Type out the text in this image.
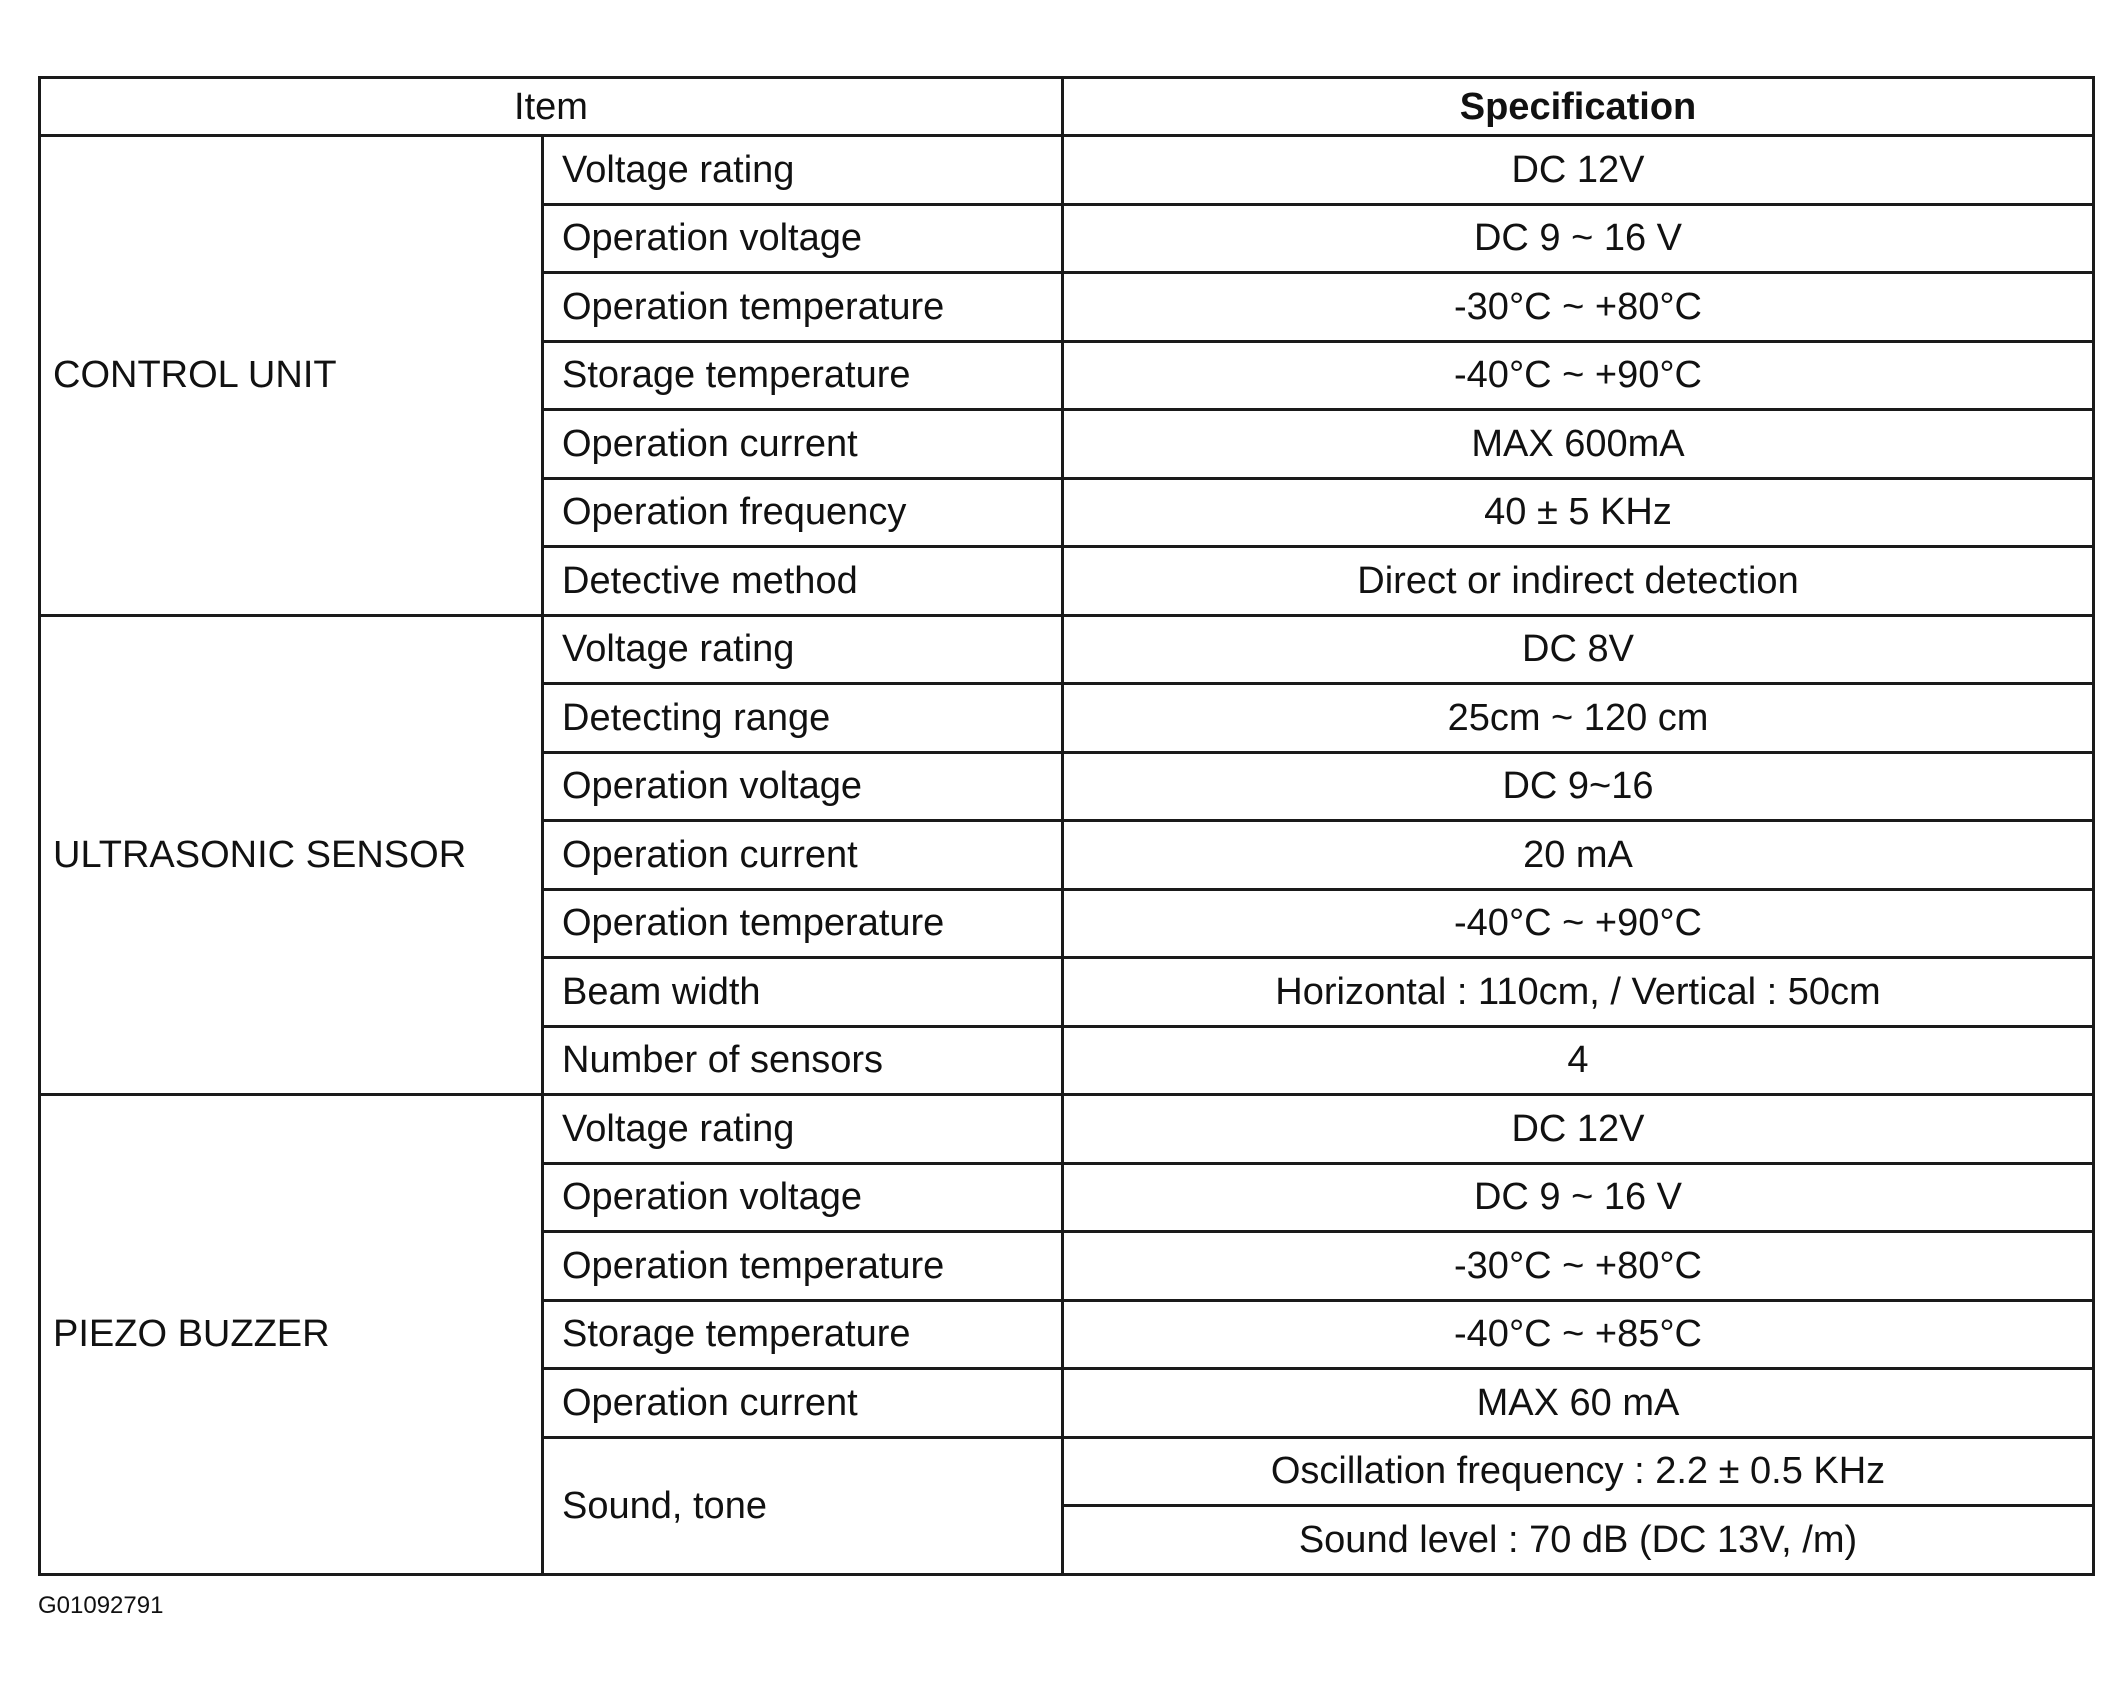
Item		Specification
CONTROL UNIT	Voltage rating	DC 12V
	Operation voltage	DC 9 ~ 16 V
	Operation temperature	-30°C ~ +80°C
	Storage temperature	-40°C ~ +90°C
	Operation current	MAX 600mA
	Operation frequency	40 ± 5 KHz
	Detective method	Direct or indirect detection
ULTRASONIC SENSOR	Voltage rating	DC 8V
	Detecting range	25cm ~ 120 cm
	Operation voltage	DC 9~16
	Operation current	20 mA
	Operation temperature	-40°C ~ +90°C
	Beam width	Horizontal : 110cm, / Vertical : 50cm
	Number of sensors	4
PIEZO BUZZER	Voltage rating	DC 12V
	Operation voltage	DC 9 ~ 16 V
	Operation temperature	-30°C ~ +80°C
	Storage temperature	-40°C ~ +85°C
	Operation current	MAX 60 mA
	Sound, tone	Oscillation frequency : 2.2 ± 0.5 KHz
		Sound level : 70 dB (DC 13V, /m)
G01092791
